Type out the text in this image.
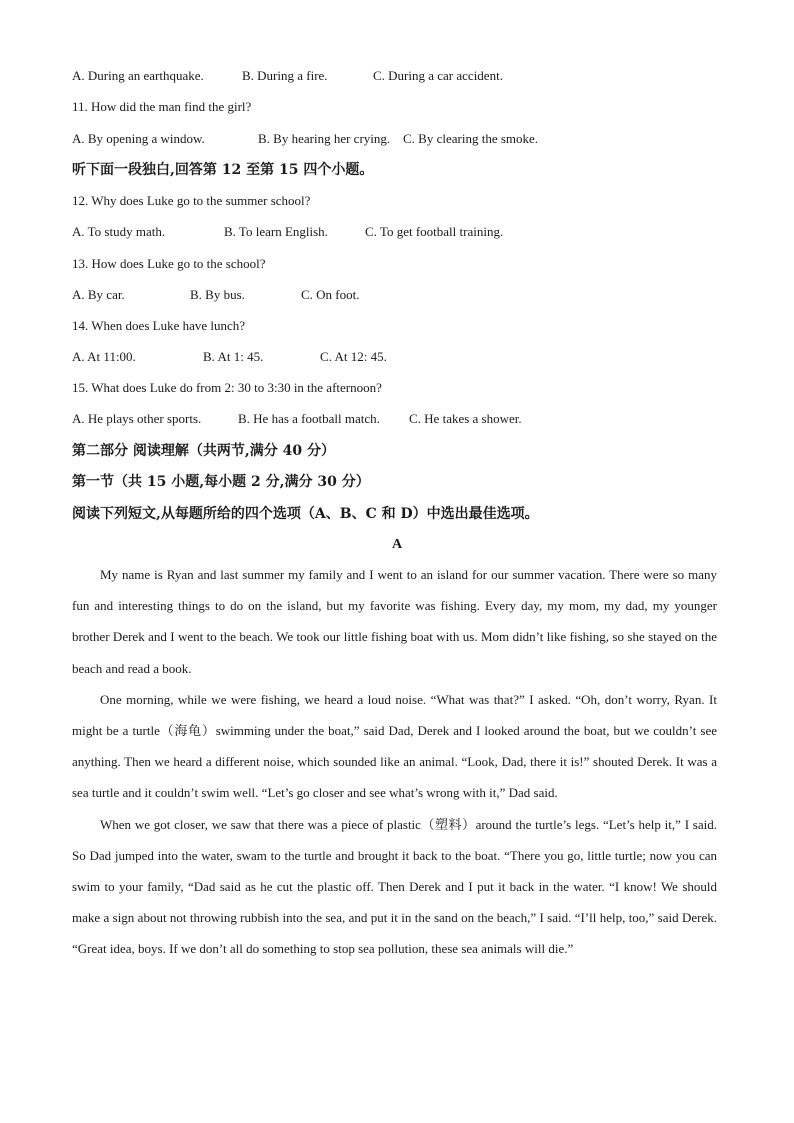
A. During an earthquake.	B. During a fire.	C. During a car accident.
11. How did the man find the girl?
A. By opening a window.	B. By hearing her crying. C. By clearing the smoke.
听下面一段独白,回答第 12 至第 15 四个小题。
12. Why does Luke go to the summer school?
A. To study math.	B. To learn English.	C. To get football training.
13. How does Luke go to the school?
A. By car.	B. By bus.	C. On foot.
14. When does Luke have lunch?
A. At 11:00.	B. At 1: 45.	C. At 12: 45.
15. What does Luke do from 2: 30 to 3:30 in the afternoon?
A. He plays other sports.	B. He has a football match. C. He takes a shower.
第二部分 阅读理解（共两节,满分 40 分）
第一节（共 15 小题,每小题 2 分,满分 30 分）
阅读下列短文,从每题所给的四个选项（A、B、C 和 D）中选出最佳选项。
A

My name is Ryan and last summer my family and I went to an island for our summer vacation. There were so many fun and interesting things to do on the island, but my favorite was fishing. Every day, my mom, my dad, my younger brother Derek and I went to the beach. We took our little fishing boat with us. Mom didn’t like fishing, so she stayed on the beach and read a book.

One morning, while we were fishing, we heard a loud noise. “What was that?” I asked. “Oh, don’t worry, Ryan. It might be a turtle（海龟）swimming under the boat,” said Dad, Derek and I looked around the boat, but we couldn’t see anything. Then we heard a different noise, which sounded like an animal. “Look, Dad, there it is!” shouted Derek. It was a sea turtle and it couldn’t swim well. “Let’s go closer and see what’s wrong with it,” Dad said.

When we got closer, we saw that there was a piece of plastic（塑料）around the turtle’s legs. “Let’s help it,” I said. So Dad jumped into the water, swam to the turtle and brought it back to the boat. “There you go, little turtle; now you can swim to your family, “Dad said as he cut the plastic off. Then Derek and I put it back in the water. “I know! We should make a sign about not throwing rubbish into the sea, and put it in the sand on the beach,” I said. “I’ll help, too,” said Derek. “Great idea, boys. If we don’t all do something to stop sea pollution, these sea animals will die.”
